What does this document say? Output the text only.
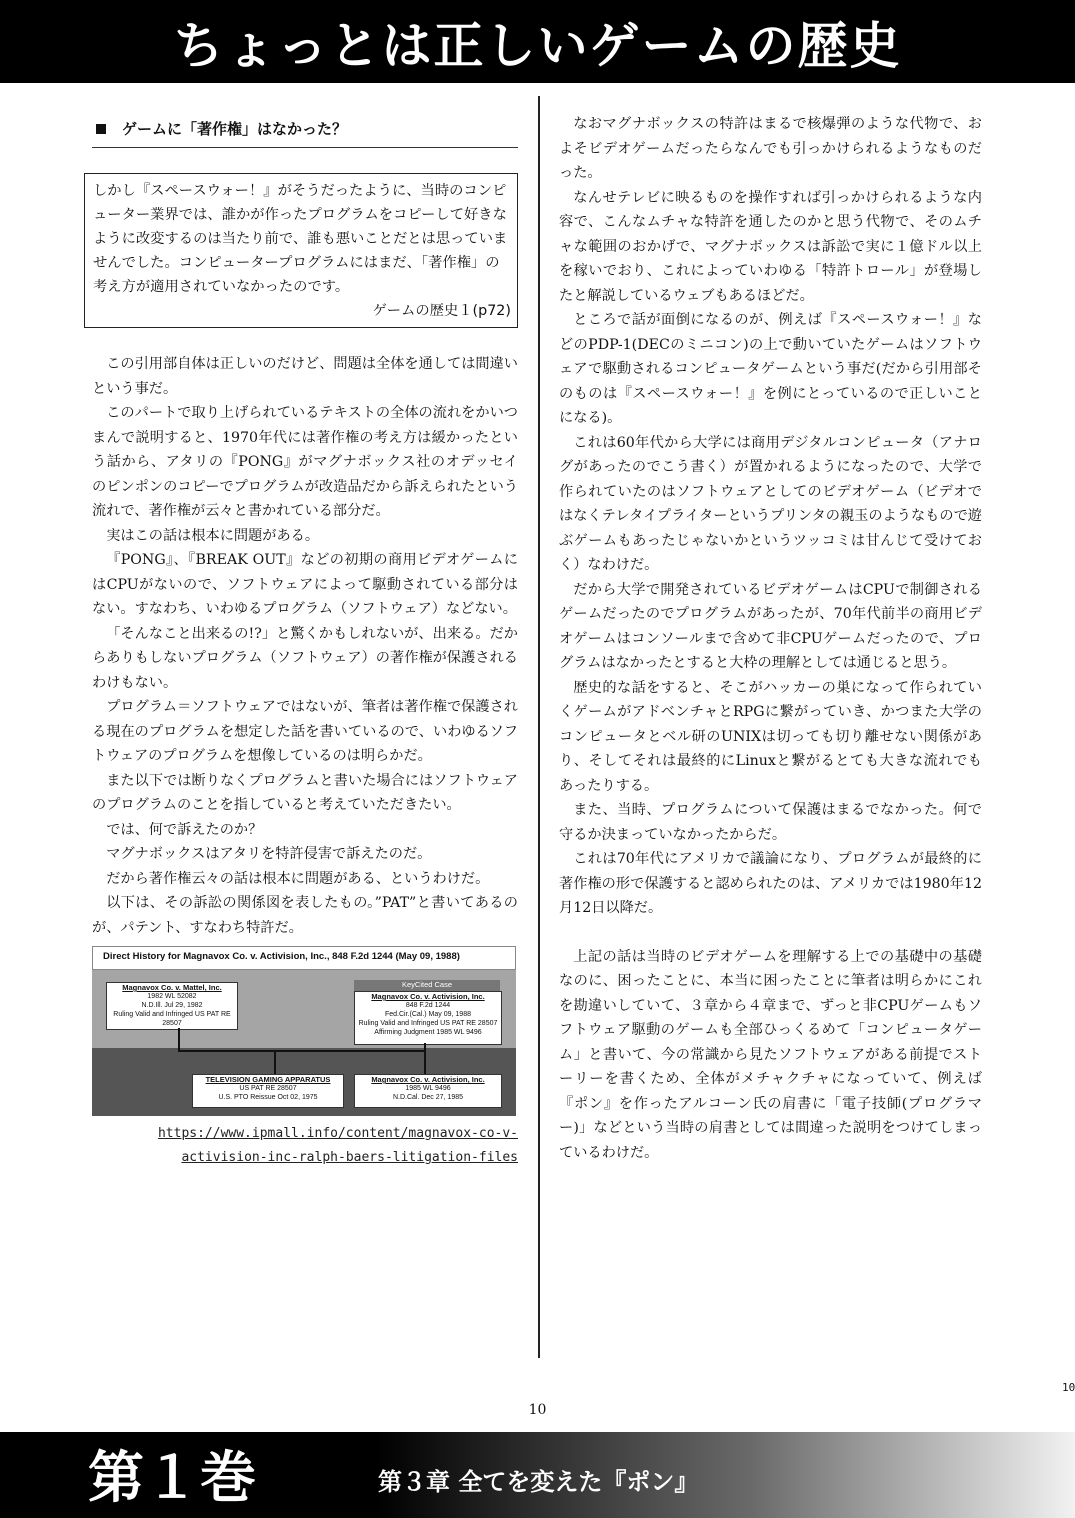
ちょっとは正しいゲームの歴史
ゲームに「著作権」はなかった？
しかし『スペースウォー！』がそうだったように、当時のコンピューター業界では、誰かが作ったプログラムをコピーして好きなように改変するのは当たり前で、誰も悪いことだとは思っていませんでした。コンピュータープログラムにはまだ、「著作権」の考え方が適用されていなかったのです。
ゲームの歴史１(p72)

この引用部自体は正しいのだけど、問題は全体を通しては間違いという事だ。

このパートで取り上げられているテキストの全体の流れをかいつまんで説明すると、1970年代には著作権の考え方は緩かったという話から、アタリの『PONG』がマグナボックス社のオデッセイのピンポンのコピーでプログラムが改造品だから訴えられたという流れで、著作権が云々と書かれている部分だ。

実はこの話は根本に問題がある。

『PONG』、『BREAK OUT』などの初期の商用ビデオゲームにはCPUがないので、ソフトウェアによって駆動されている部分はない。すなわち、いわゆるプログラム（ソフトウェア）などない。

「そんなこと出来るの!?」と驚くかもしれないが、出来る。だからありもしないプログラム（ソフトウェア）の著作権が保護されるわけもない。

プログラム＝ソフトウェアではないが、筆者は著作権で保護される現在のプログラムを想定した話を書いているので、いわゆるソフトウェアのプログラムを想像しているのは明らかだ。

また以下では断りなくプログラムと書いた場合にはソフトウェアのプログラムのことを指していると考えていただきたい。

では、何で訴えたのか？

マグナボックスはアタリを特許侵害で訴えたのだ。

だから著作権云々の話は根本に問題がある、というわけだ。

以下は、その訴訟の関係図を表したもの。”PAT”と書いてあるのが、パテント、すなわち特許だ。

Direct History for Magnavox Co. v. Activision, Inc., 848 F.2d 1244 (May 09, 1988)
Magnavox Co. v. Mattel, Inc.
1982 WL 52082
N.D.Ill. Jul 29, 1982
Ruling Valid and Infringed US PAT RE 28507
KeyCited Case
Magnavox Co. v. Activision, Inc.
848 F.2d 1244
Fed.Cir.(Cal.) May 09, 1988
Ruling Valid and Infringed US PAT RE 28507
Affirming Judgment 1985 WL 9496
TELEVISION GAMING APPARATUS
US PAT RE 28507
U.S. PTO Reissue Oct 02, 1975
Magnavox Co. v. Activision, Inc.
1985 WL 9496
N.D.Cal. Dec 27, 1985
https://www.ipmall.info/content/magnavox-co-v-
activision-inc-ralph-baers-litigation-files

なおマグナボックスの特許はまるで核爆弾のような代物で、およそビデオゲームだったらなんでも引っかけられるようなものだった。

なんせテレビに映るものを操作すれば引っかけられるような内容で、こんなムチャな特許を通したのかと思う代物で、そのムチャな範囲のおかげで、マグナボックスは訴訟で実に１億ドル以上を稼いでおり、これによっていわゆる「特許トロール」が登場したと解説しているウェブもあるほどだ。

ところで話が面倒になるのが、例えば『スペースウォー！』などのPDP-1(DECのミニコン)の上で動いていたゲームはソフトウェアで駆動されるコンピュータゲームという事だ(だから引用部そのものは『スペースウォー！』を例にとっているので正しいことになる)。

これは60年代から大学には商用デジタルコンピュータ（アナログがあったのでこう書く）が置かれるようになったので、大学で作られていたのはソフトウェアとしてのビデオゲーム（ビデオではなくテレタイプライターというプリンタの親玉のようなもので遊ぶゲームもあったじゃないかというツッコミは甘んじて受けておく）なわけだ。

だから大学で開発されているビデオゲームはCPUで制御されるゲームだったのでプログラムがあったが、70年代前半の商用ビデオゲームはコンソールまで含めて非CPUゲームだったので、プログラムはなかったとすると大枠の理解としては通じると思う。

歴史的な話をすると、そこがハッカーの巣になって作られていくゲームがアドベンチャとRPGに繋がっていき、かつまた大学のコンピュータとベル研のUNIXは切っても切り離せない関係があり、そしてそれは最終的にLinuxと繋がるとても大きな流れでもあったりする。

また、当時、プログラムについて保護はまるでなかった。何で守るか決まっていなかったからだ。

これは70年代にアメリカで議論になり、プログラムが最終的に著作権の形で保護すると認められたのは、アメリカでは1980年12月12日以降だ。

上記の話は当時のビデオゲームを理解する上での基礎中の基礎なのに、困ったことに、本当に困ったことに筆者は明らかにこれを勘違いしていて、３章から４章まで、ずっと非CPUゲームもソフトウェア駆動のゲームも全部ひっくるめて「コンピュータゲーム」と書いて、今の常識から見たソフトウェアがある前提でストーリーを書くため、全体がメチャクチャになっていて、例えば『ポン』を作ったアルコーン氏の肩書に「電子技師(プログラマー)」などという当時の肩書としては間違った説明をつけてしまっているわけだ。

10
10
第１巻	第３章 全てを変えた『ポン』
